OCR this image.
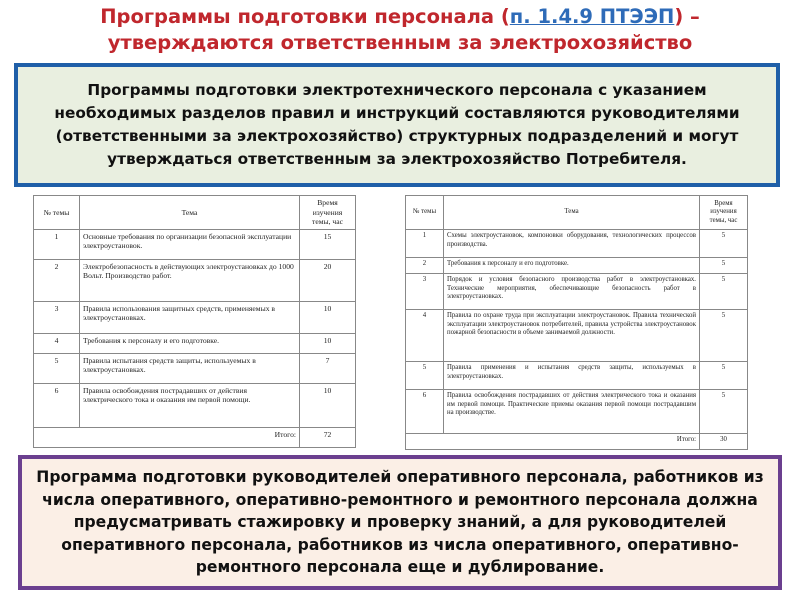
Программы подготовки персонала (п. 1.4.9 ПТЭЭП) –
утверждаются ответственным за электрохозяйство
Программы подготовки электротехнического персонала с указанием необходимых разделов правил и инструкций составляются руководителями (ответственными за электрохозяйство) структурных подразделений и могут утверждаться ответственным за электрохозяйство Потребителя.
№ темы	Тема	Время изучения темы, час
1	Основные требования по организации безопасной эксплуатации электроустановок.	15
2	Электробезопасность в действующих электроустановках до 1000 Вольт. Производство работ.	20
3	Правила использования защитных средств, применяемых в электроустановках.	10
4	Требования к персоналу и его подготовке.	10
5	Правила испытания средств защиты, используемых в электроустановках.	7
6	Правила освобождения пострадавших от действия электрического тока и оказания им первой помощи.	10
Итого:		72
№ темы	Тема	Время изучения темы, час
1	Схемы электроустановок, компоновки оборудования, технологических процессов производства.	5
2	Требования к персоналу и его подготовке.	5
3	Порядок и условия безопасного производства работ в электроустановках. Технические мероприятия, обеспечивающие безопасность работ в электроустановках.	5
4	Правила по охране труда при эксплуатации электроустановок. Правила технической эксплуатации электроустановок потребителей, правила устройства электроустановок пожарной безопасности в объеме занимаемой должности.	5
5	Правила применения и испытания средств защиты, используемых в электроустановках.	5
6	Правила освобождения пострадавших от действия электрического тока и оказания им первой помощи. Практические приемы оказания первой помощи пострадавшим на производстве.	5
Итого:		30
Программа подготовки руководителей оперативного персонала, работников из числа оперативного, оперативно-ремонтного и ремонтного персонала должна предусматривать стажировку и проверку знаний, а для руководителей оперативного персонала, работников из числа оперативного, оперативно-ремонтного персонала еще и дублирование.
